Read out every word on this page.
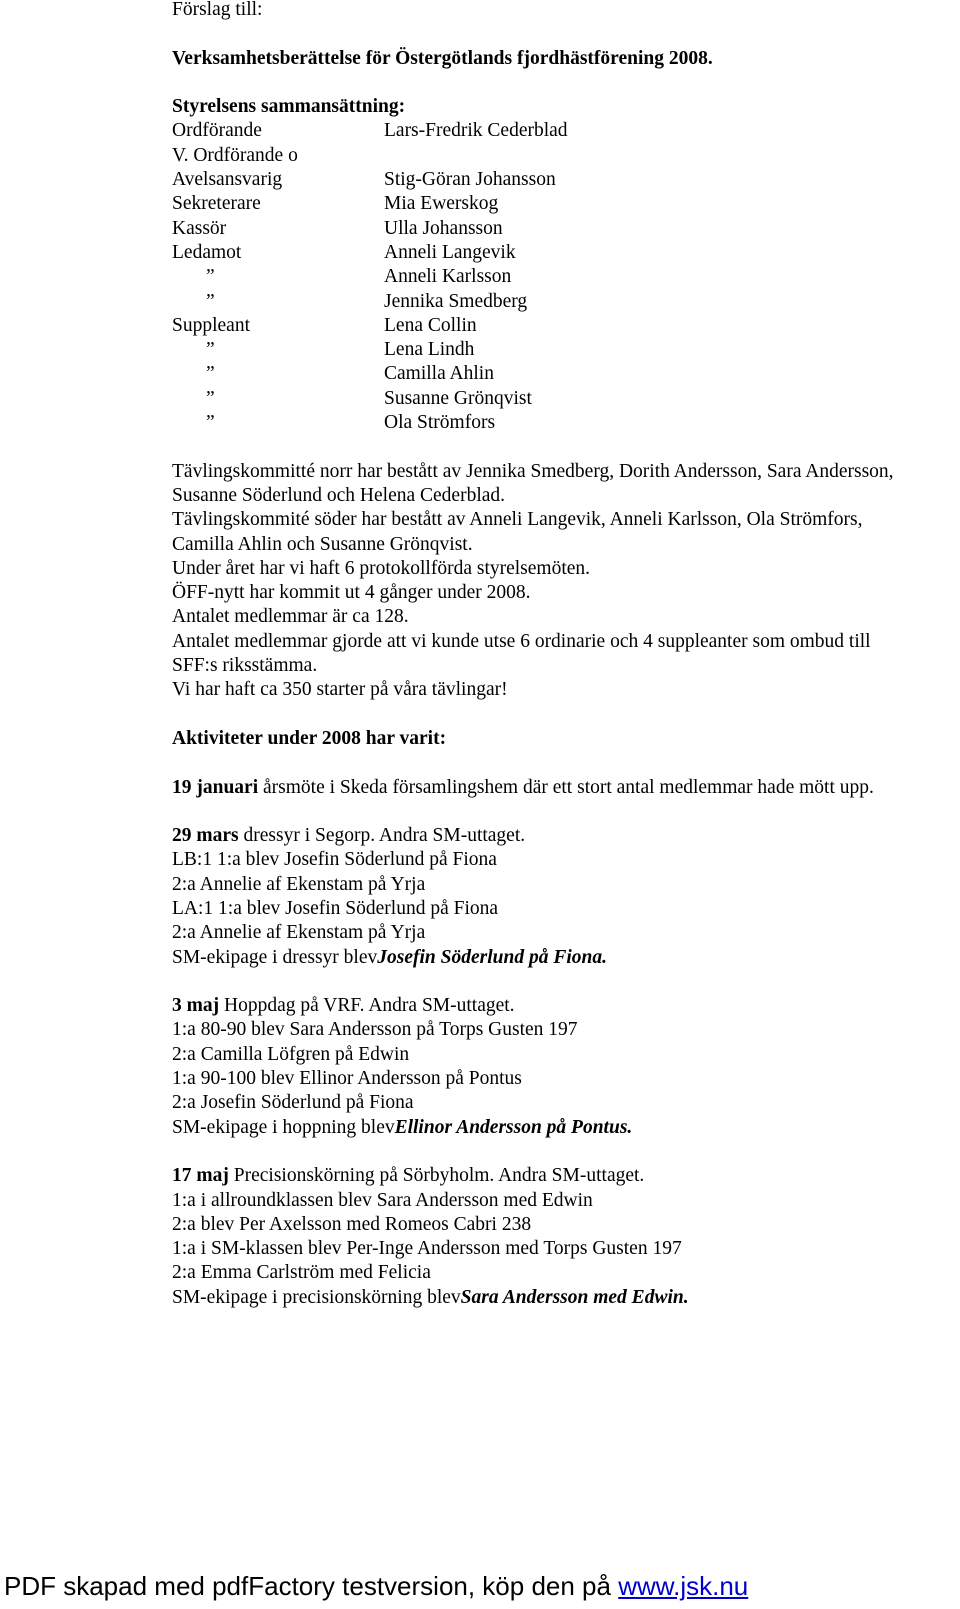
Förslag till:
Verksamhetsberättelse för Östergötlands fjordhästförening 2008.
Styrelsens sammansättning:
Ordförande	Lars-Fredrik Cederblad
V. Ordförande o
Avelsansvarig	Stig-Göran Johansson
Sekreterare	Mia Ewerskog
Kassör	Ulla Johansson
Ledamot	Anneli Langevik
”	Anneli Karlsson
”	Jennika Smedberg
Suppleant	Lena Collin
”	Lena Lindh
”	Camilla Ahlin
”	Susanne Grönqvist
”	Ola Strömfors
Tävlingskommitté norr har bestått av Jennika Smedberg, Dorith Andersson, Sara Andersson,
Susanne Söderlund och Helena Cederblad.
Tävlingskommité söder har bestått av Anneli Langevik, Anneli Karlsson, Ola Strömfors,
Camilla Ahlin och Susanne Grönqvist.
Under året har vi haft 6 protokollförda styrelsemöten.
ÖFF-nytt har kommit ut 4 gånger under 2008.
Antalet medlemmar är ca 128.
Antalet medlemmar gjorde att vi kunde utse 6 ordinarie och 4 suppleanter som ombud till
SFF:s riksstämma.
Vi har haft ca 350 starter på våra tävlingar!
Aktiviteter under 2008 har varit:
19 januari årsmöte i Skeda församlingshem där ett stort antal medlemmar hade mött upp.
29 mars dressyr i Segorp. Andra SM-uttaget.
LB:1 1:a blev Josefin Söderlund på Fiona
2:a Annelie af Ekenstam på Yrja
LA:1 1:a blev Josefin Söderlund på Fiona
2:a Annelie af Ekenstam på Yrja
SM-ekipage i dressyr blevJosefin Söderlund på Fiona.
3 maj Hoppdag på VRF. Andra SM-uttaget.
1:a 80-90 blev Sara Andersson på Torps Gusten 197
2:a Camilla Löfgren på Edwin
1:a 90-100 blev Ellinor Andersson på Pontus
2:a Josefin Söderlund på Fiona
SM-ekipage i hoppning blevEllinor Andersson på Pontus.
17 maj Precisionskörning på Sörbyholm. Andra SM-uttaget.
1:a i allroundklassen blev Sara Andersson med Edwin
2:a blev Per Axelsson med Romeos Cabri 238
1:a i SM-klassen blev Per-Inge Andersson med Torps Gusten 197
2:a Emma Carlström med Felicia
SM-ekipage i precisionskörning blevSara Andersson med Edwin.
PDF skapad med pdfFactory testversion, köp den på www.jsk.nu
